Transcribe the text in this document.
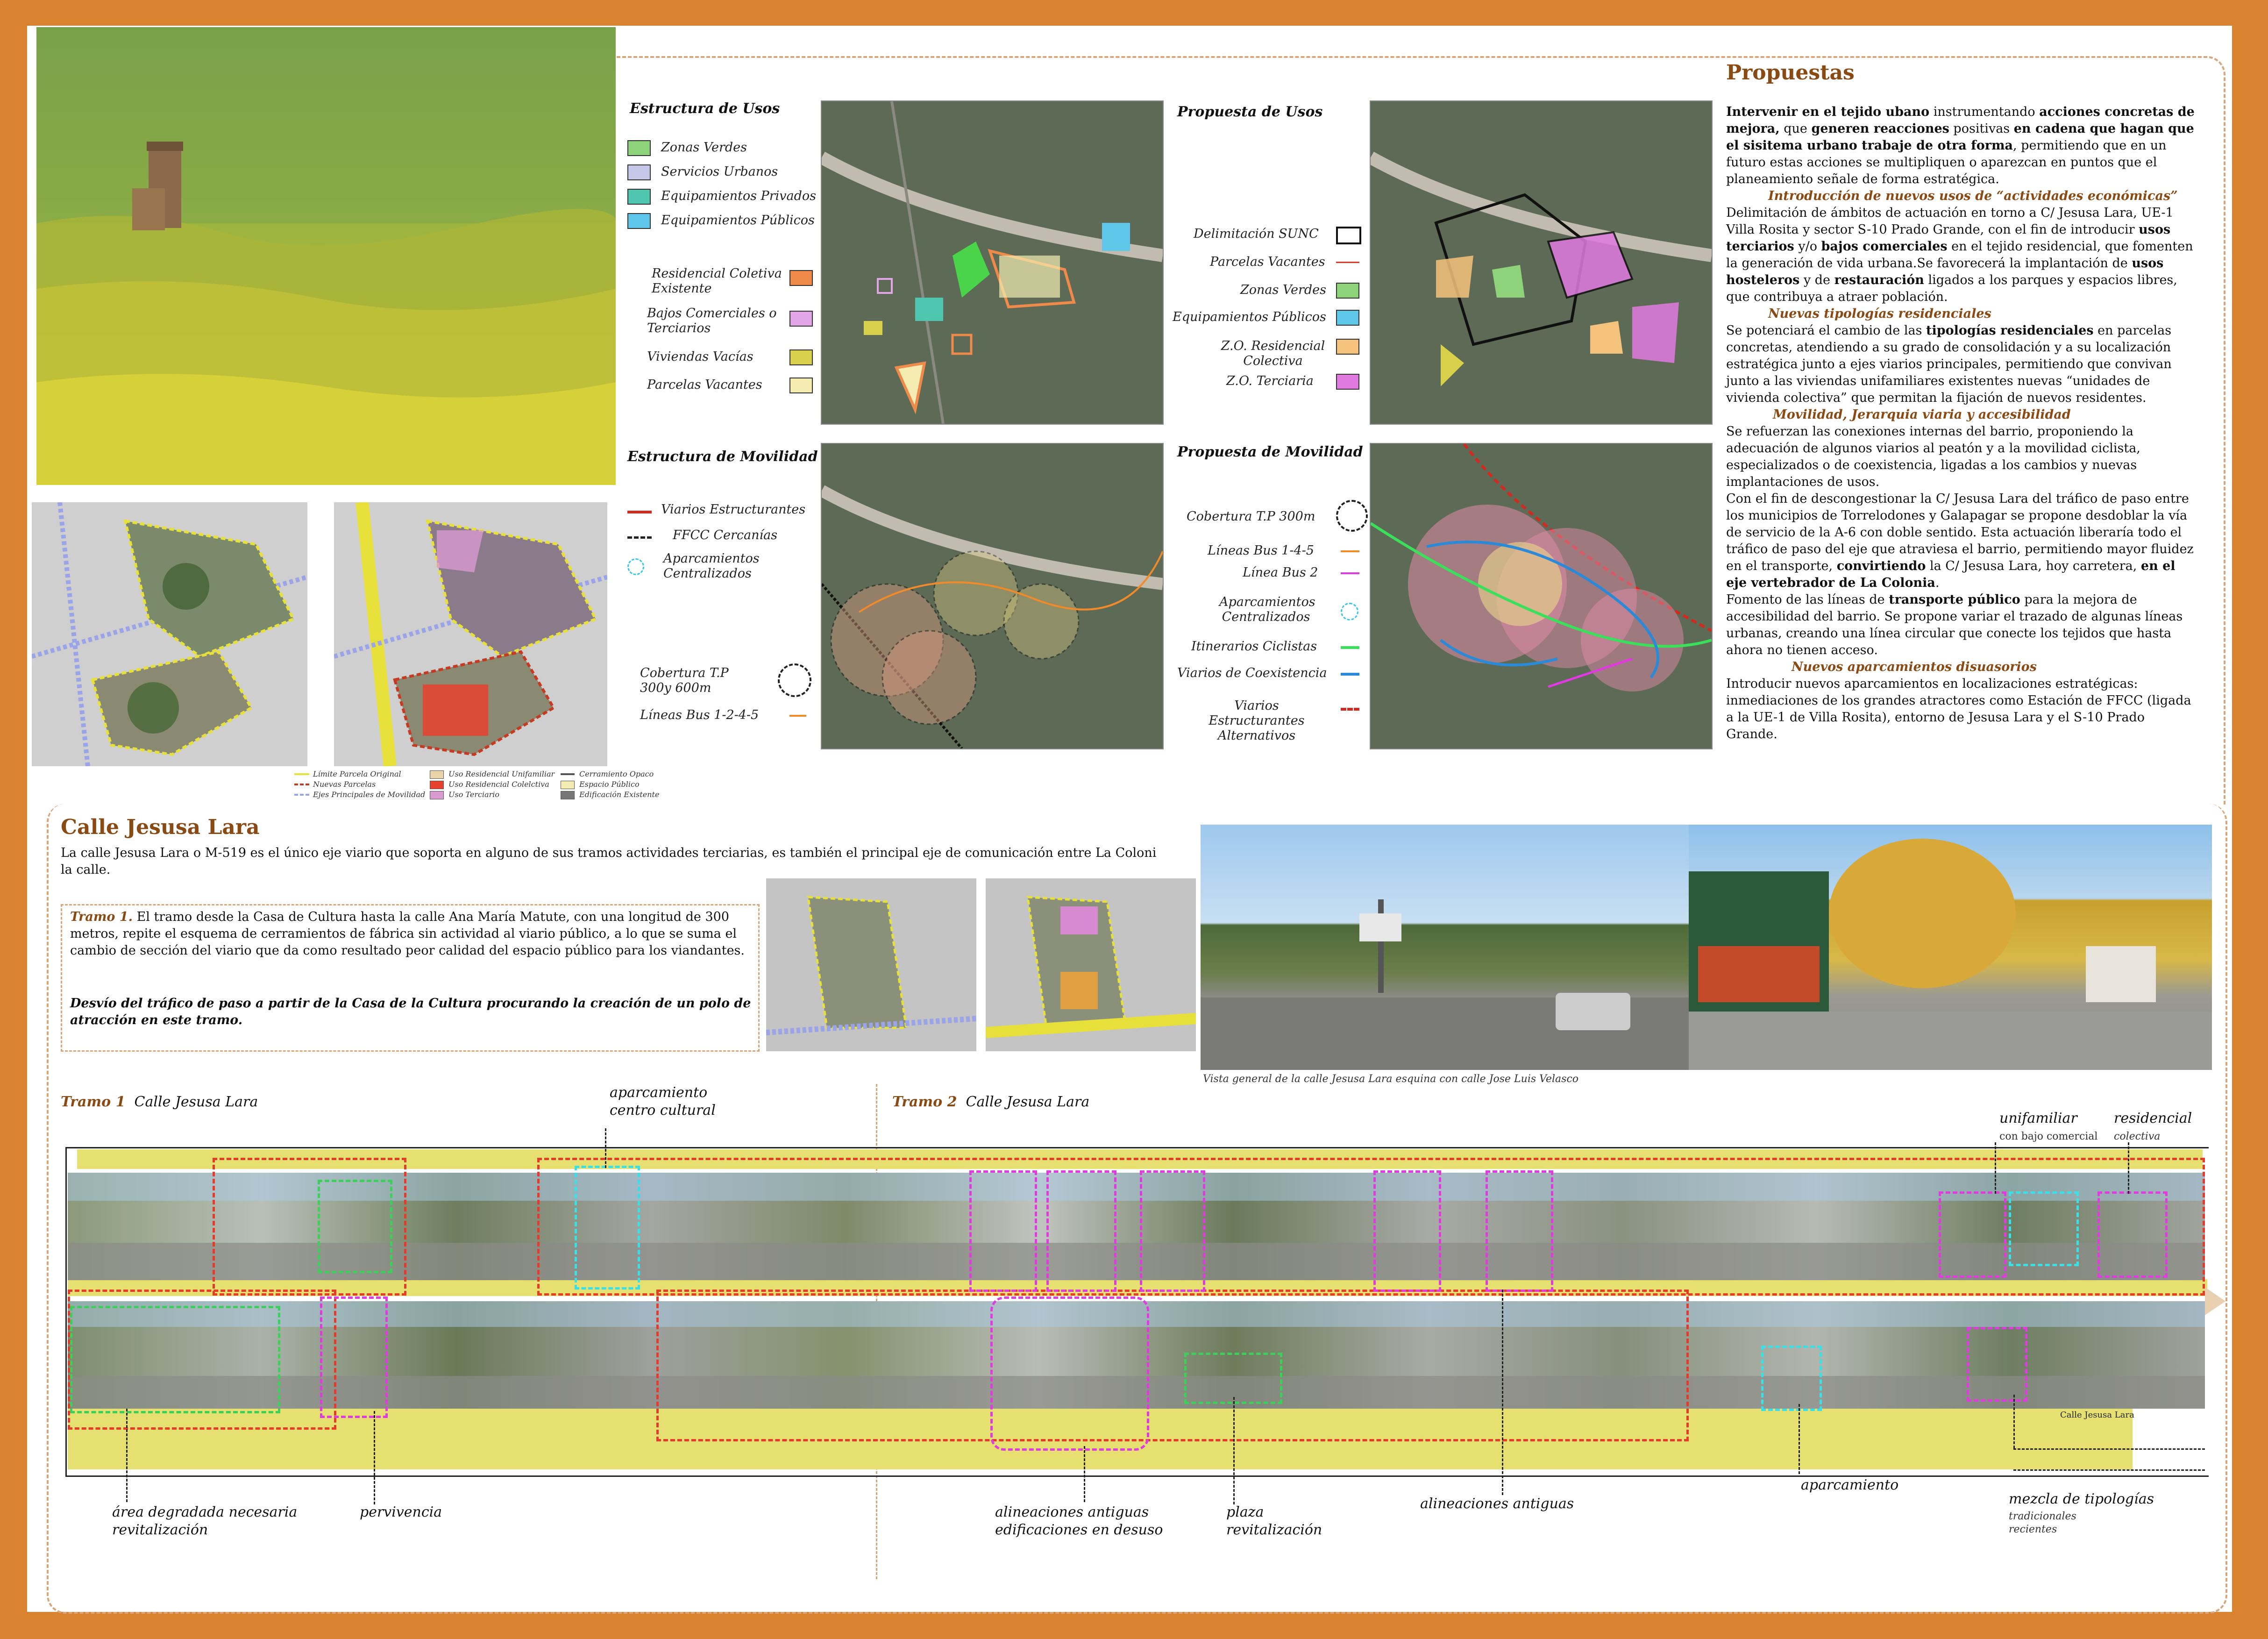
Límite Parcela Original
Nuevas Parcelas
Ejes Principales de Movilidad
Uso Residencial Unifamiliar
Uso Residencial Colelctiva
Uso Terciario
Cerramiento Opaco
Espacio Público
Edificación Existente
Estructura de Usos
Zonas Verdes
Servicios Urbanos
Equipamientos Privados
Equipamientos Públicos
Residencial Coletiva Existente
Bajos Comerciales o Terciarios
Viviendas Vacías
Parcelas Vacantes
Propuesta de Usos
Delimitación SUNC
Parcelas Vacantes
Zonas Verdes
Equipamientos Públicos
Z.O. Residencial Colectiva
Z.O. Terciaria
Estructura de Movilidad
Viarios Estructurantes
FFCC Cercanías
Aparcamientos Centralizados
Cobertura T.P 300y 600m
Líneas Bus 1-2-4-5
Propuesta de Movilidad
Cobertura T.P 300m
Líneas Bus 1-4-5
Línea Bus 2
Aparcamientos Centralizados
Itinerarios Ciclistas
Viarios de Coexistencia
Viarios Estructurantes Alternativos
Propuestas
Intervenir en el tejido ubano instrumentando acciones concretas de mejora, que generen reacciones positivas en cadena que hagan que el sisitema urbano trabaje de otra forma, permitiendo que en un futuro estas acciones se multipliquen o aparezcan en puntos que el planeamiento señale de forma estratégica.

Introducción de nuevos usos de “actividades económicas”
Delimitación de ámbitos de actuación en torno a C/ Jesusa Lara, UE-1 Villa Rosita y sector S-10 Prado Grande, con el fin de introducir usos terciarios y/o bajos comerciales en el tejido residencial, que fomenten la generación de vida urbana.Se favorecerá la implantación de usos hosteleros y de restauración ligados a los parques y espacios libres, que contribuya a atraer población.
Nuevas tipologías residenciales
Se potenciará el cambio de las tipologías residenciales en parcelas concretas, atendiendo a su grado de consolidación y a su localización estratégica junto a ejes viarios principales, permitiendo que convivan junto a las viviendas unifamiliares existentes nuevas “unidades de vivienda colectiva” que permitan la fijación de nuevos residentes.
Movilidad, Jerarquia viaria y accesibilidad
Se refuerzan las conexiones internas del barrio, proponiendo la adecuación de algunos viarios al peatón y a la movilidad ciclista, especializados o de coexistencia, ligadas a los cambios y nuevas implantaciones de usos.
Con el fin de descongestionar la C/ Jesusa Lara del tráfico de paso entre los municipios de Torrelodones y Galapagar se propone desdoblar la vía de servicio de la A-6 con doble sentido. Esta actuación liberaría todo el tráfico de paso del eje que atraviesa el barrio, permitiendo mayor fluidez en el transporte, convirtiendo la C/ Jesusa Lara, hoy carretera, en el eje vertebrador de La Colonia.
Fomento de las líneas de transporte público para la mejora de accesibilidad del barrio. Se propone variar el trazado de algunas líneas urbanas, creando una línea circular que conecte los tejidos que hasta ahora no tienen acceso.
Nuevos aparcamientos disuasorios
Introducir nuevos aparcamientos en localizaciones estratégicas: inmediaciones de los grandes atractores como Estación de FFCC (ligada a la UE-1 de Villa Rosita), entorno de Jesusa Lara y el S-10 Prado Grande.
Calle Jesusa Lara
La calle Jesusa Lara o M-519 es el único eje viario que soporta en alguno de sus tramos actividades terciarias, es también el principal eje de comunicación entre La Coloni
la calle.
Tramo 1. El tramo desde la Casa de Cultura hasta la calle Ana María Matute, con una longitud de 300 metros, repite el esquema de cerramientos de fábrica sin actividad al viario público, a lo que se suma el cambio de sección del viario que da como resultado peor calidad del espacio público para los viandantes.
Desvío del tráfico de paso a partir de la Casa de la Cultura procurando la creación de un polo de atracción en este tramo.
Vista general de la calle Jesusa Lara esquina con calle Jose Luis Velasco
Tramo 1 Calle Jesusa Lara	Tramo 2 Calle Jesusa Lara
Calle Jesusa Lara
aparcamiento centro cultural	unifamiliar
con bajo comercial
residencial
colectiva
área degradada necesaria revitalización
pervivencia	alineaciones antiguas edificaciones en desuso
plaza revitalización
alineaciones antiguas
aparcamiento
mezcla de tipologías
tradicionales recientes
